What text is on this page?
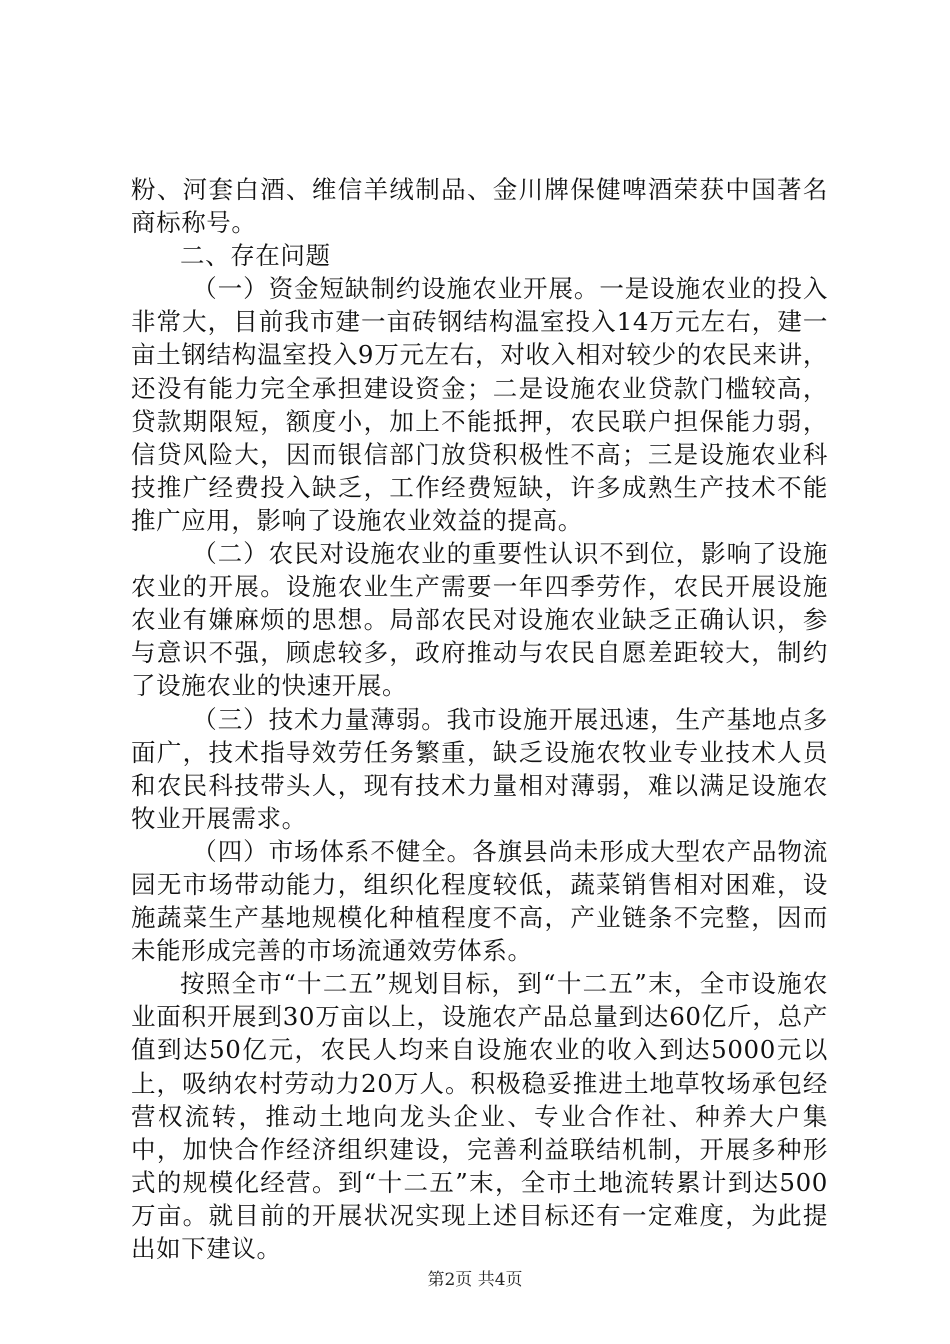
粉、河套白酒、维信羊绒制品、金川牌保健啤酒荣获中国著名商标称号。

二、存在问题

（一）资金短缺制约设施农业开展。一是设施农业的投入非常大，目前我市建一亩砖钢结构温室投入14万元左右，建一亩土钢结构温室投入9万元左右，对收入相对较少的农民来讲，还没有能力完全承担建设资金；二是设施农业贷款门槛较高，贷款期限短，额度小，加上不能抵押，农民联户担保能力弱，信贷风险大，因而银信部门放贷积极性不高；三是设施农业科技推广经费投入缺乏，工作经费短缺，许多成熟生产技术不能推广应用，影响了设施农业效益的提高。

（二）农民对设施农业的重要性认识不到位，影响了设施农业的开展。设施农业生产需要一年四季劳作，农民开展设施农业有嫌麻烦的思想。局部农民对设施农业缺乏正确认识，参与意识不强，顾虑较多，政府推动与农民自愿差距较大，制约了设施农业的快速开展。

（三）技术力量薄弱。我市设施开展迅速，生产基地点多面广，技术指导效劳任务繁重，缺乏设施农牧业专业技术人员和农民科技带头人，现有技术力量相对薄弱，难以满足设施农牧业开展需求。

（四）市场体系不健全。各旗县尚未形成大型农产品物流园无市场带动能力，组织化程度较低，蔬菜销售相对困难，设施蔬菜生产基地规模化种植程度不高，产业链条不完整，因而未能形成完善的市场流通效劳体系。

按照全市“十二五”规划目标，到“十二五”末，全市设施农业面积开展到30万亩以上，设施农产品总量到达60亿斤，总产值到达50亿元，农民人均来自设施农业的收入到达5000元以上，吸纳农村劳动力20万人。积极稳妥推进土地草牧场承包经营权流转，推动土地向龙头企业、专业合作社、种养大户集中，加快合作经济组织建设，完善利益联结机制，开展多种形式的规模化经营。到“十二五”末，全市土地流转累计到达500万亩。就目前的开展状况实现上述目标还有一定难度，为此提出如下建议。

第2页 共4页
